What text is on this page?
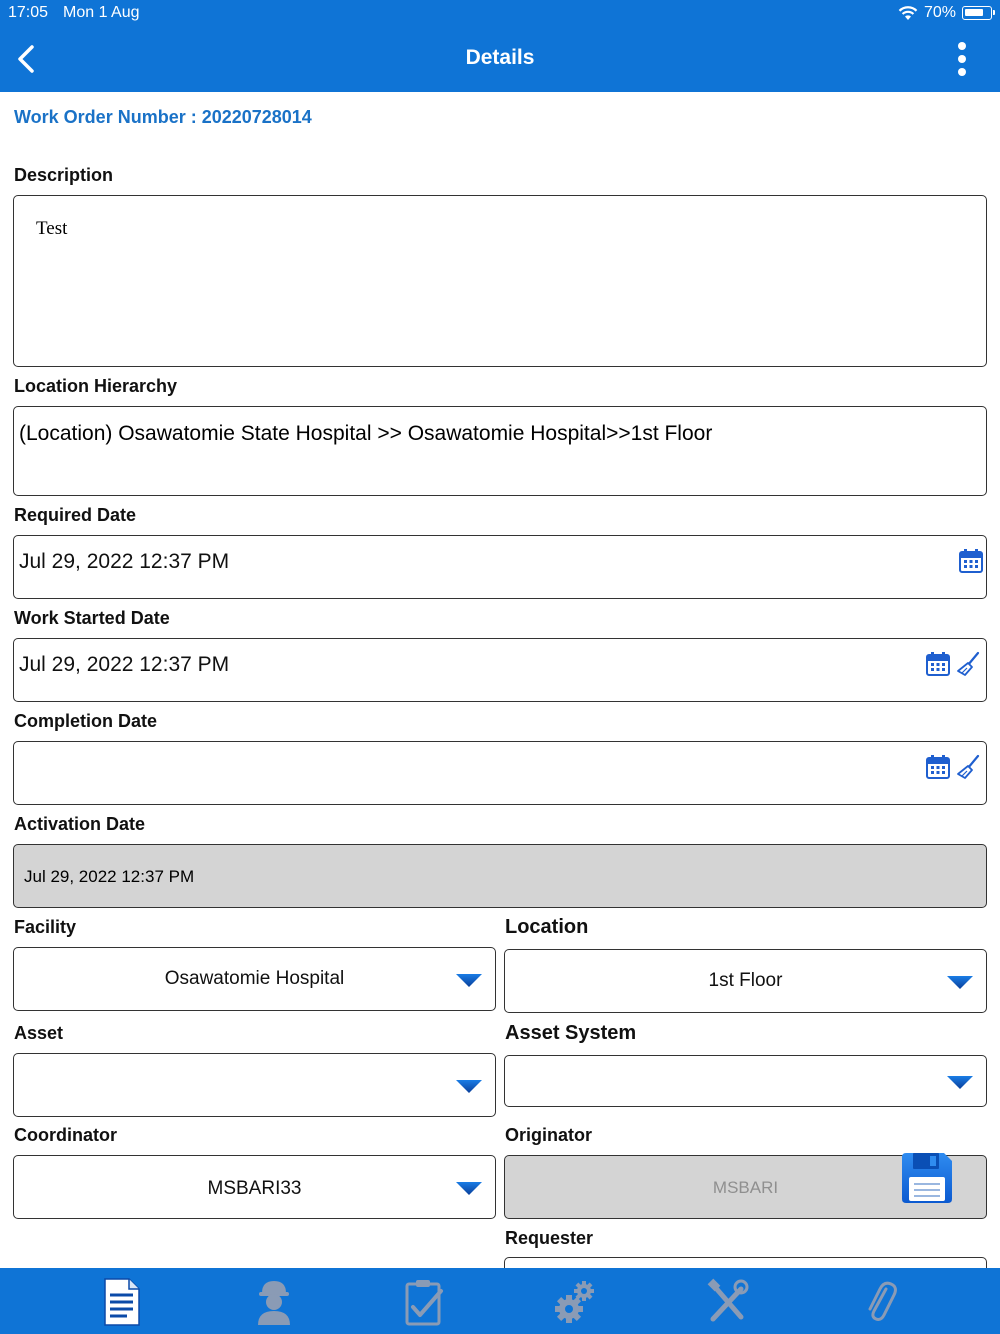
17:05 Mon 1 Aug	70%
Details
Work Order Number : 20220728014
Description
Test
Location Hierarchy
(Location) Osawatomie State Hospital >> Osawatomie Hospital>>1st Floor
Required Date
Jul 29, 2022 12:37 PM
Work Started Date
Jul 29, 2022 12:37 PM
Completion Date
Activation Date
Jul 29, 2022 12:37 PM
Facility
Osawatomie Hospital
Location
1st Floor
Asset	Asset System
Coordinator
MSBARI33
Originator
MSBARI
Requester
